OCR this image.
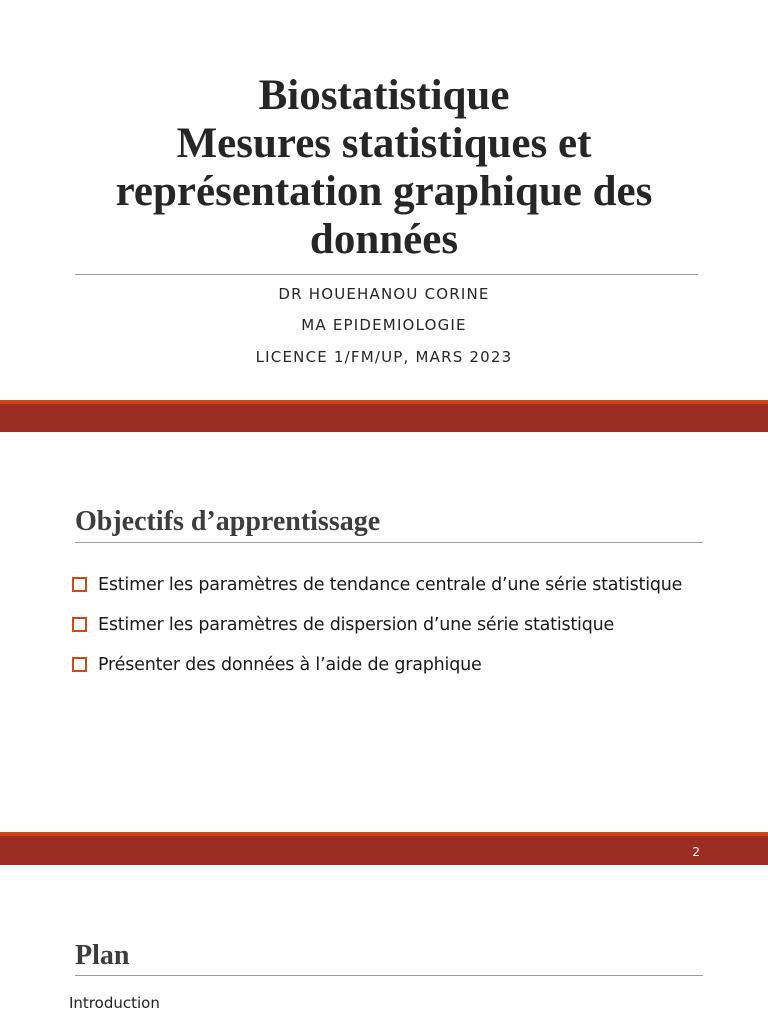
Biostatistique
Mesures statistiques et
représentation graphique des
données
DR HOUEHANOU CORINE
MA EPIDEMIOLOGIE
LICENCE 1/FM/UP, MARS 2023
Objectifs d’apprentissage
Estimer les paramètres de tendance centrale d’une série statistique
Estimer les paramètres de dispersion d’une série statistique
Présenter des données à l’aide de graphique
2
Plan
Introduction
